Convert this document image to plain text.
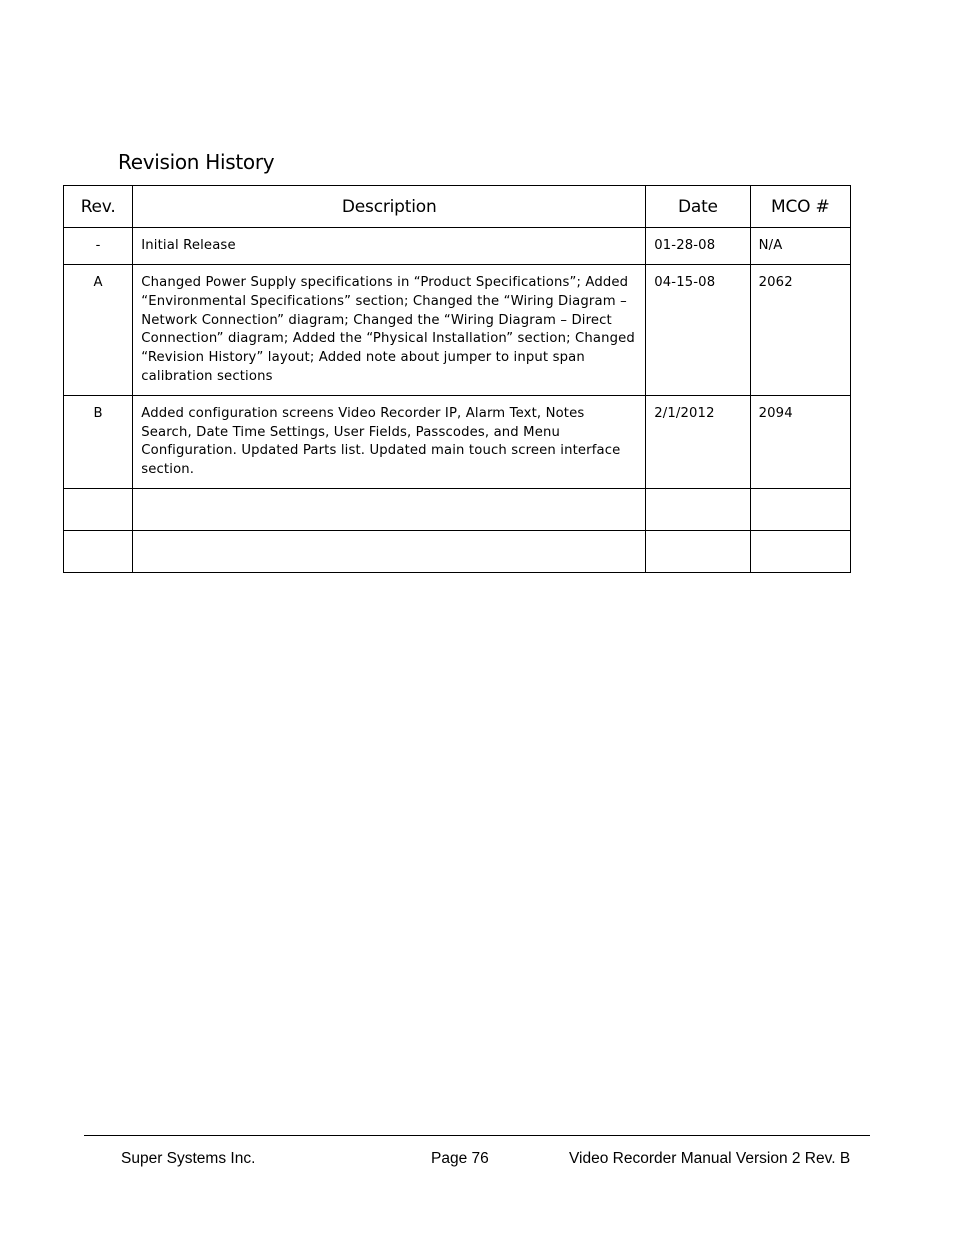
Revision History
Rev.	Description	Date	MCO #
-	Initial Release	01-28-08	N/A
A	Changed Power Supply specifications in “Product Specifications”; Added “Environmental Specifications” section; Changed the “Wiring Diagram – Network Connection” diagram; Changed the “Wiring Diagram – Direct Connection” diagram; Added the “Physical Installation” section; Changed “Revision History” layout; Added note about jumper to input span calibration sections	04-15-08	2062
B	Added configuration screens Video Recorder IP, Alarm Text, Notes Search, Date Time Settings, User Fields, Passcodes, and Menu Configuration. Updated Parts list. Updated main touch screen interface section.	2/1/2012	2094

Super Systems Inc.	Page 76	Video Recorder Manual Version 2 Rev. B
